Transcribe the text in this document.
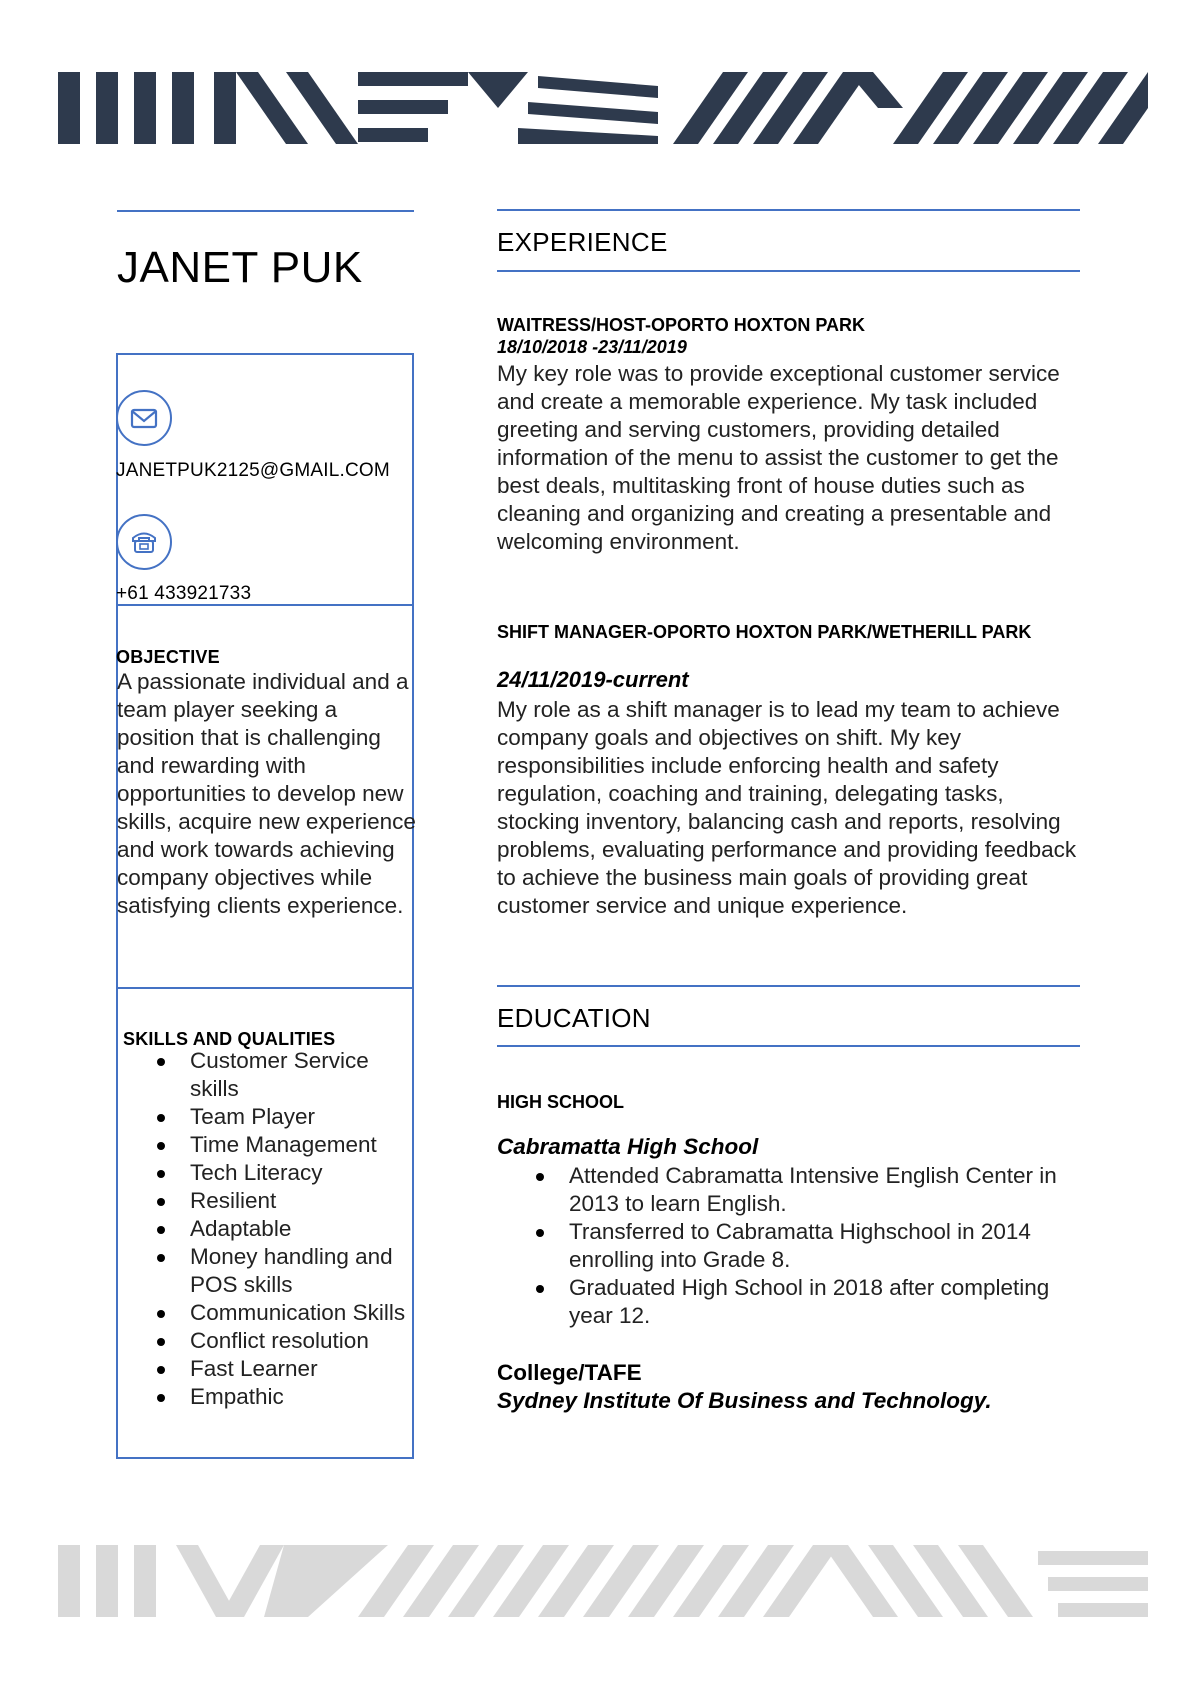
JANET PUK
JANETPUK2125@GMAIL.COM
+61 433921733
OBJECTIVE
A passionate individual and a team player seeking a position that is challenging and rewarding with opportunities to develop new skills, acquire new experience and work towards achieving company objectives while satisfying clients experience.
SKILLS AND QUALITIES
Customer Service skills
Team Player
Time Management
Tech Literacy
Resilient
Adaptable
Money handling and POS skills
Communication Skills
Conflict resolution
Fast Learner
Empathic
EXPERIENCE
WAITRESS/HOST-OPORTO HOXTON PARK
18/10/2018 -23/11/2019
My key role was to provide exceptional customer service and create a memorable experience. My task included greeting and serving customers, providing detailed information of the menu to assist the customer to get the best deals, multitasking front of house duties such as cleaning and organizing and creating a presentable and welcoming environment.
SHIFT MANAGER-OPORTO HOXTON PARK/WETHERILL PARK
24/11/2019-current
My role as a shift manager is to lead my team to achieve company goals and objectives on shift. My key responsibilities include enforcing health and safety regulation, coaching and training, delegating tasks, stocking inventory, balancing cash and reports, resolving problems, evaluating performance and providing feedback to achieve the business main goals of providing great customer service and unique experience.
EDUCATION
HIGH SCHOOL
Cabramatta High School
Attended Cabramatta Intensive English Center in 2013 to learn English.
Transferred to Cabramatta Highschool in 2014 enrolling into Grade 8.
Graduated High School in 2018 after completing year 12.
College/TAFE
Sydney Institute Of Business and Technology.
